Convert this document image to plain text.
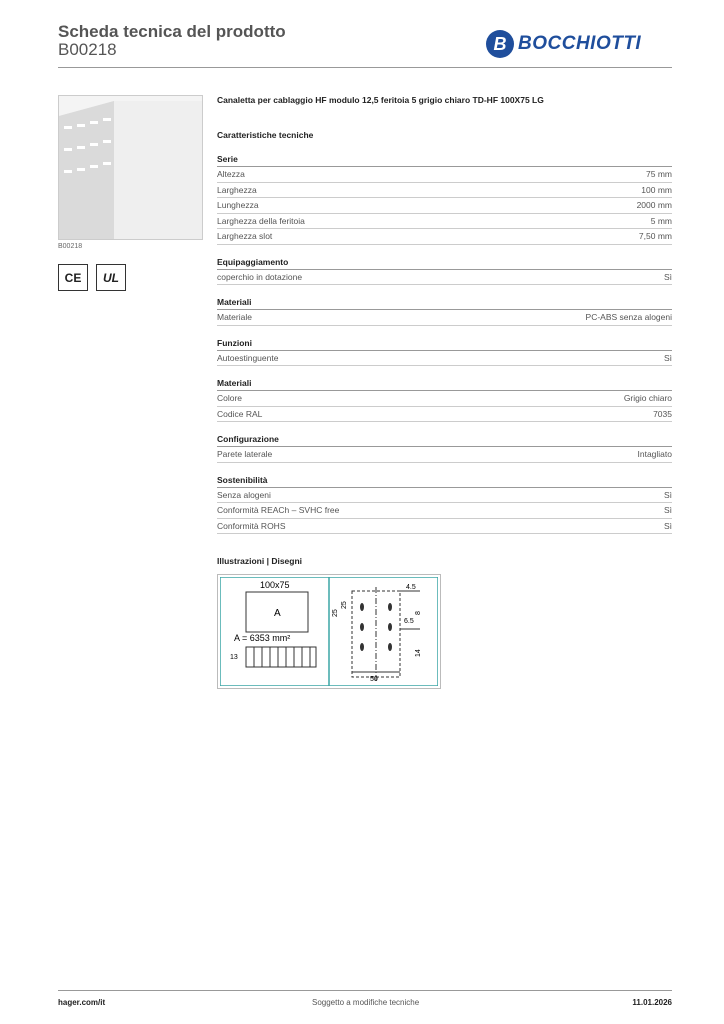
Scheda tecnica del prodotto
B00218	B BOCCHIOTTI
B00218
CE	UL
Canaletta per cablaggio HF modulo 12,5 feritoia 5 grigio chiaro TD-HF 100X75 LG
Caratteristiche tecniche
Serie
Altezza	75 mm
Larghezza	100 mm
Lunghezza	2000 mm
Larghezza della feritoia	5 mm
Larghezza slot	7,50 mm
Equipaggiamento
coperchio in dotazione	Sì
Materiali
Materiale	PC-ABS senza alogeni
Funzioni
Autoestinguente	Sì
Materiali
Colore	Grigio chiaro
Codice RAL	7035
Configurazione
Parete laterale	Intagliato
Sostenibilità
Senza alogeni	Sì
Conformità REACh – SVHC free	Sì
Conformità ROHS	Sì
Illustrazioni | Disegni
100x75
A
A = 6353 mm²
13
4.5
25
25
8
6.5
14
50
hager.com/it	Soggetto a modifiche tecniche	11.01.2026
